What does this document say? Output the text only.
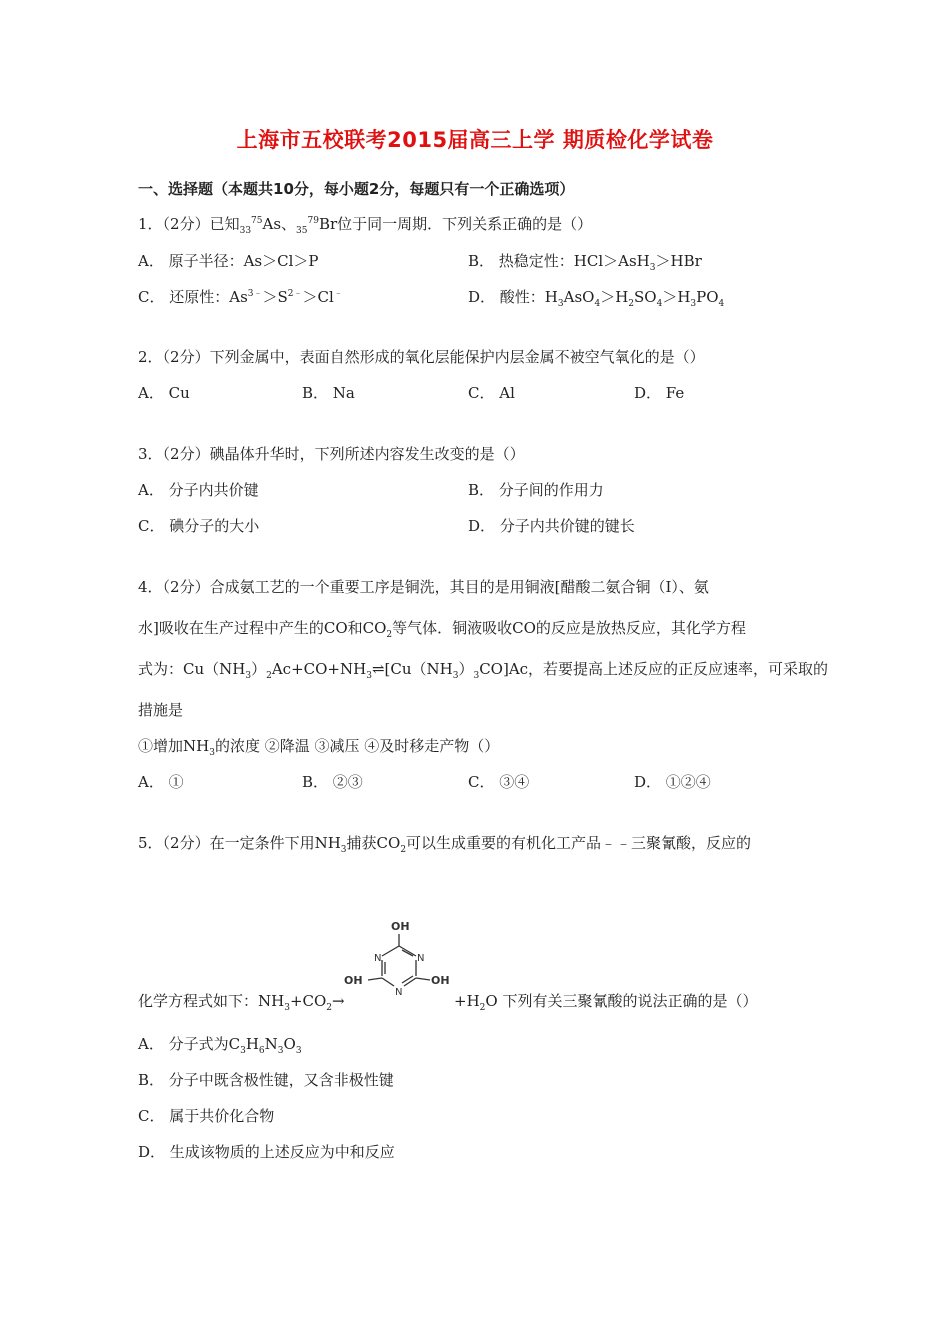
上海市五校联考2015届高三上学 期质检化学试卷
一、选择题（本题共10分，每小题2分，每题只有一个正确选项）
1．（2分）已知$_{33}^{75}$As、$_{35}^{79}$Br位于同一周期．下列关系正确的是（）
A． 原子半径：As＞Cl＞P	B． 热稳定性：HCl＞AsH$_3$＞HBr
C． 还原性：$As^{3﹣}>S^{2﹣}>Cl^﹣$	D． 酸性：$H_3AsO_4>H_2SO_4>H_3PO_4$
2．（2分）下列金属中，表面自然形成的氧化层能保护内层金属不被空气氧化的是（）
A． Cu	B． Na	C． Al	D． Fe
3．（2分）碘晶体升华时，下列所述内容发生改变的是（）
A． 分子内共价键	B． 分子间的作用力
C． 碘分子的大小	D． 分子内共价键的键长
4．（2分）合成氨工艺的一个重要工序是铜洗，其目的是用铜液[醋酸二氨合铜（I）、氨
水]吸收在生产过程中产生的CO和$CO_2$等气体．铜液吸收CO的反应是放热反应，其化学方程
式为：$Cu(NH_3)_2Ac+CO+NH_3\rightleftharpoons[Cu(NH_3)_3CO]Ac$，若要提高上述反应的正反应速率，可采取的
措施是
①增加$NH_3$的浓度 ②降温 ③减压 ④及时移走产物（）
A． ①	B． ②③	C． ③④	D． ①②④
5．（2分）在一定条件下用$NH_3$捕获$CO_2$可以生成重要的有机化工产品﹣﹣三聚氰酸，反应的
OH
N	N
N
OH	OH
化学方程式如下：$NH_3+CO_2\to$	$+H_2O$ 下列有关三聚氰酸的说法正确的是（）
A． 分子式为$C_3H_6N_3O_3$
B． 分子中既含极性键，又含非极性键
C． 属于共价化合物
D． 生成该物质的上述反应为中和反应
